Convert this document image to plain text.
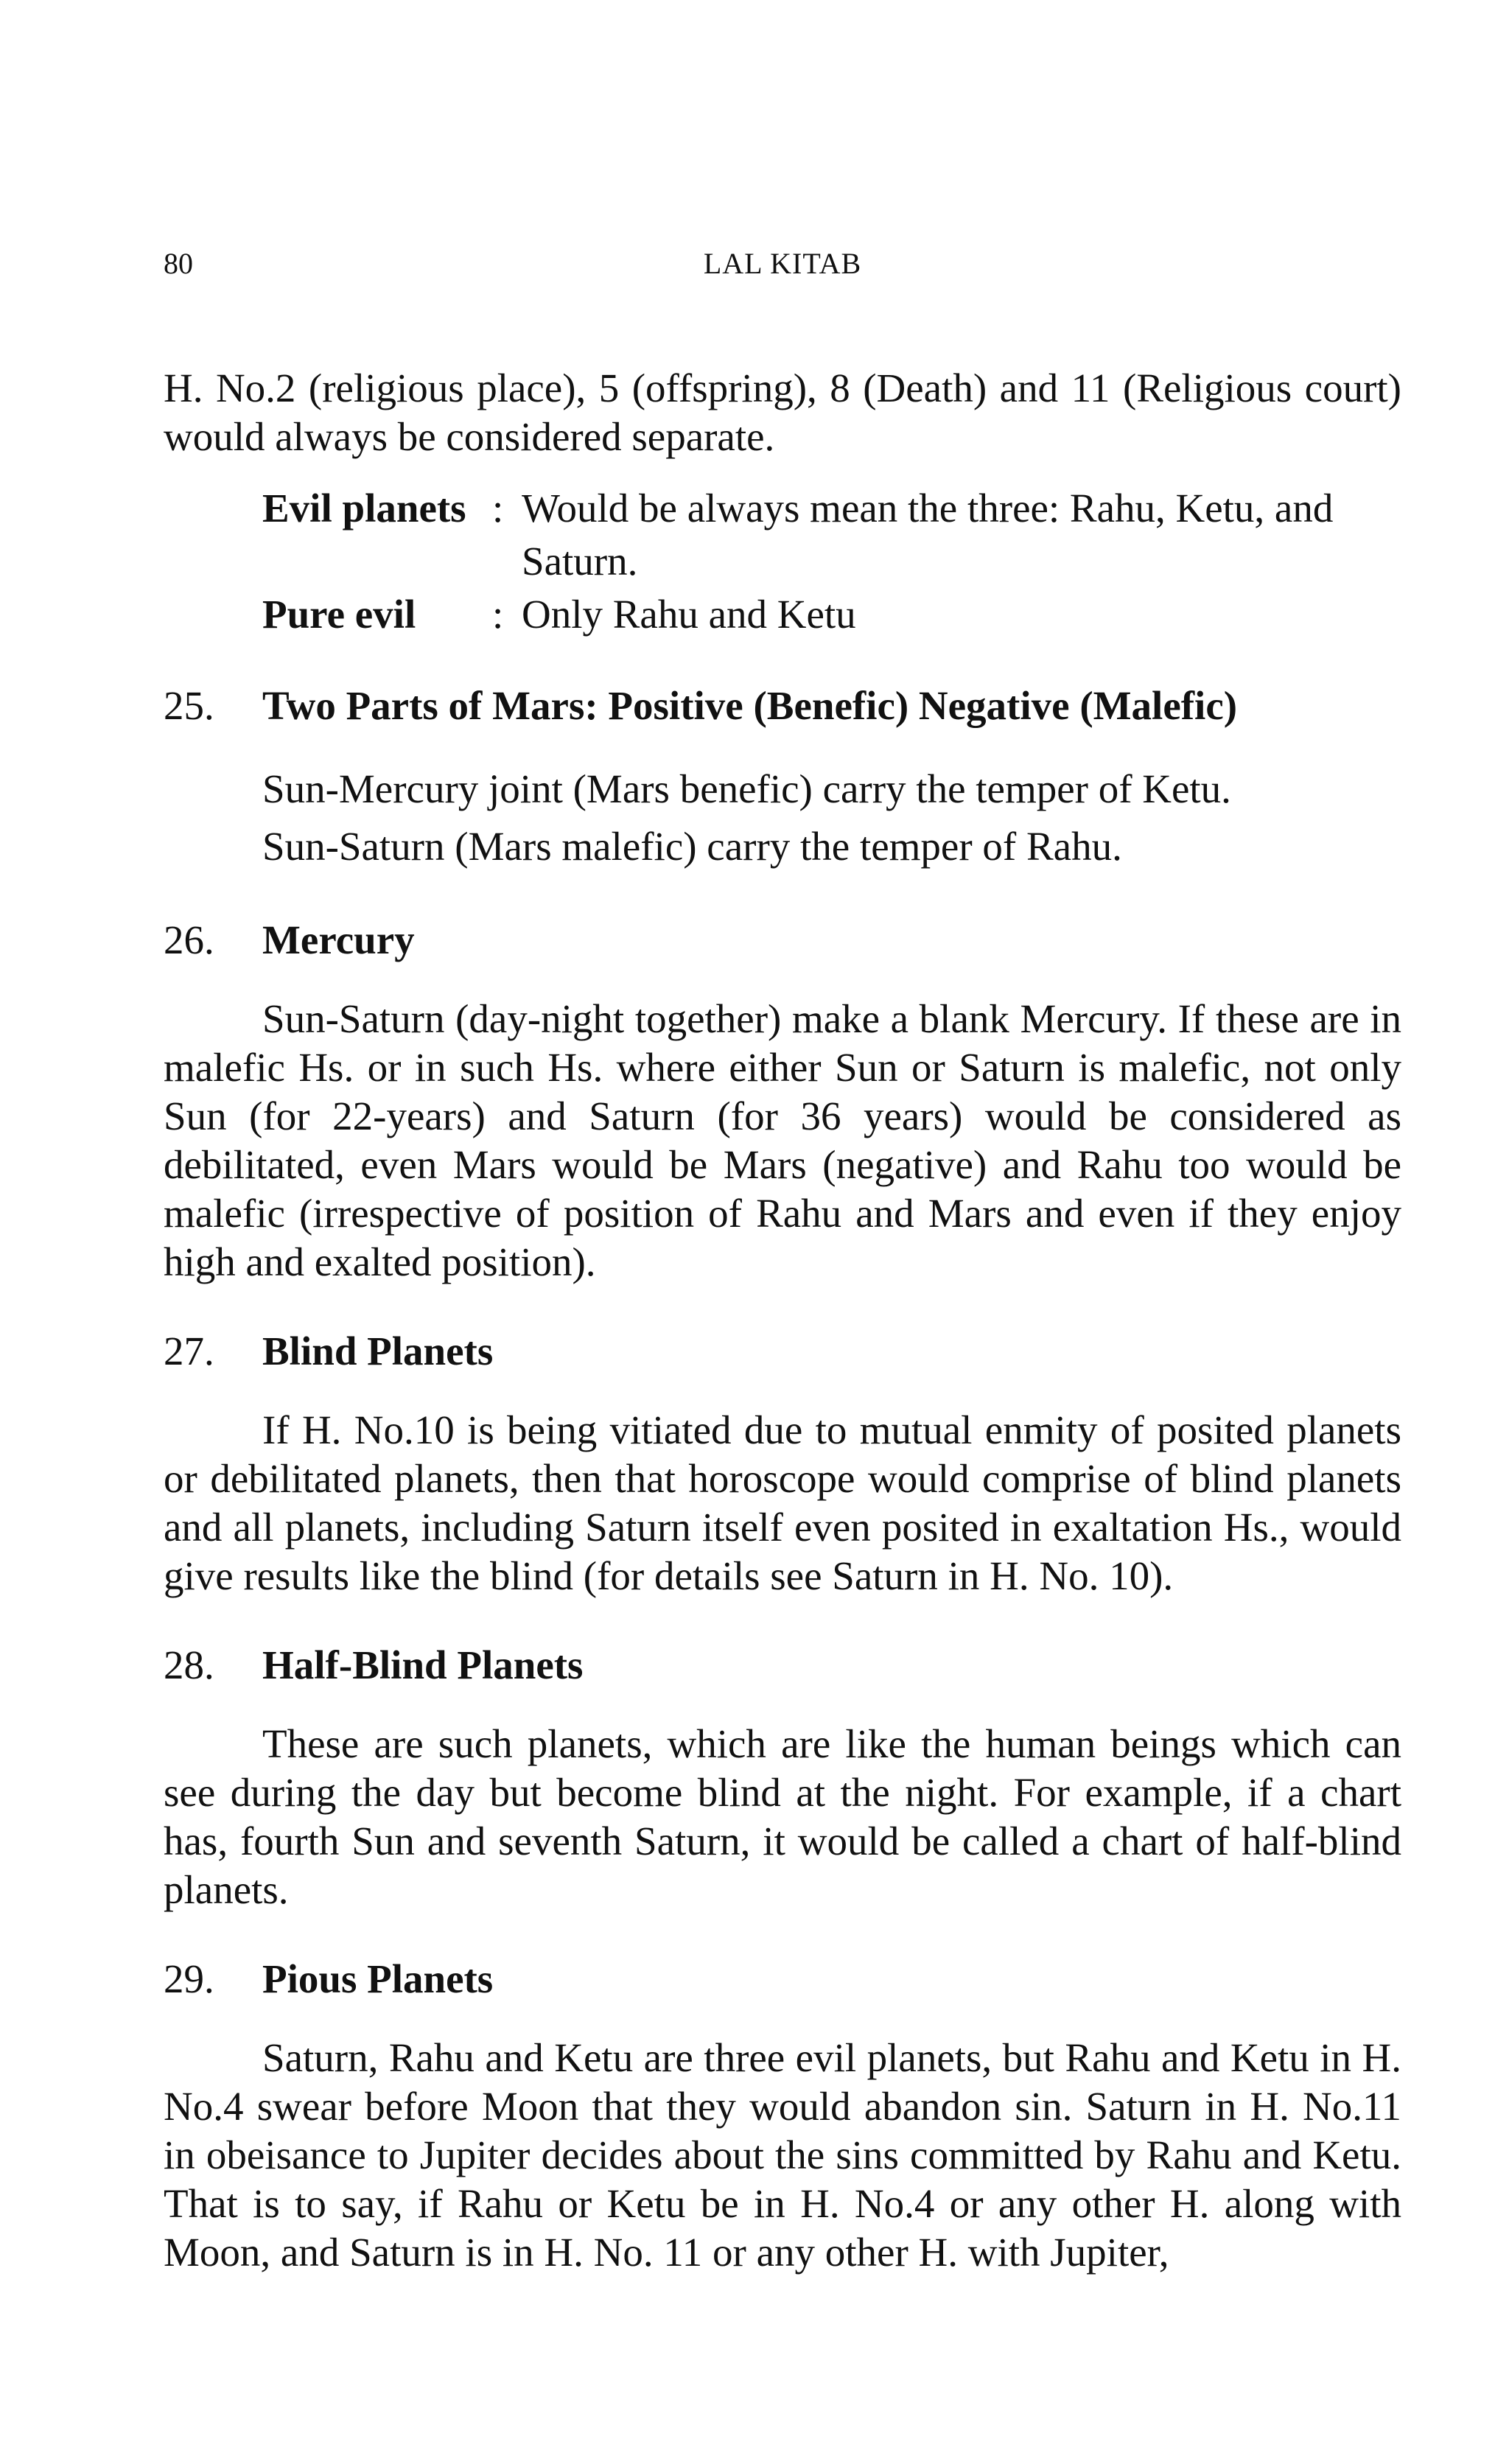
80	LAL KITAB

H. No.2 (religious place), 5 (offspring), 8 (Death) and 11 (Religious court) would always be considered separate.

Evil planets	:	Would be always mean the three: Rahu, Ketu, and Saturn.
Pure evil	:	Only Rahu and Ketu
25.	Two Parts of Mars: Positive (Benefic) Negative (Malefic)

Sun-Mercury joint (Mars benefic) carry the temper of Ketu.

Sun-Saturn (Mars malefic) carry the temper of Rahu.

26.	Mercury

Sun-Saturn (day-night together) make a blank Mercury. If these are in malefic Hs. or in such Hs. where either Sun or Saturn is malefic, not only Sun (for 22-years) and Saturn (for 36 years) would be considered as debilitated, even Mars would be Mars (negative) and Rahu too would be malefic (irrespective of position of Rahu and Mars and even if they enjoy high and exalted position).

27.	Blind Planets

If H. No.10 is being vitiated due to mutual enmity of posited planets or debilitated planets, then that horoscope would comprise of blind planets and all planets, including Saturn itself even posited in exaltation Hs., would give results like the blind (for details see Saturn in H. No. 10).

28.	Half-Blind Planets

These are such planets, which are like the human beings which can see during the day but become blind at the night. For example, if a chart has, fourth Sun and seventh Saturn, it would be called a chart of half-blind planets.

29.	Pious Planets

Saturn, Rahu and Ketu are three evil planets, but Rahu and Ketu in H. No.4 swear before Moon that they would abandon sin. Saturn in H. No.11 in obeisance to Jupiter decides about the sins committed by Rahu and Ketu. That is to say, if Rahu or Ketu be in H. No.4 or any other H. along with Moon, and Saturn is in H. No. 11 or any other H. with Jupiter,
